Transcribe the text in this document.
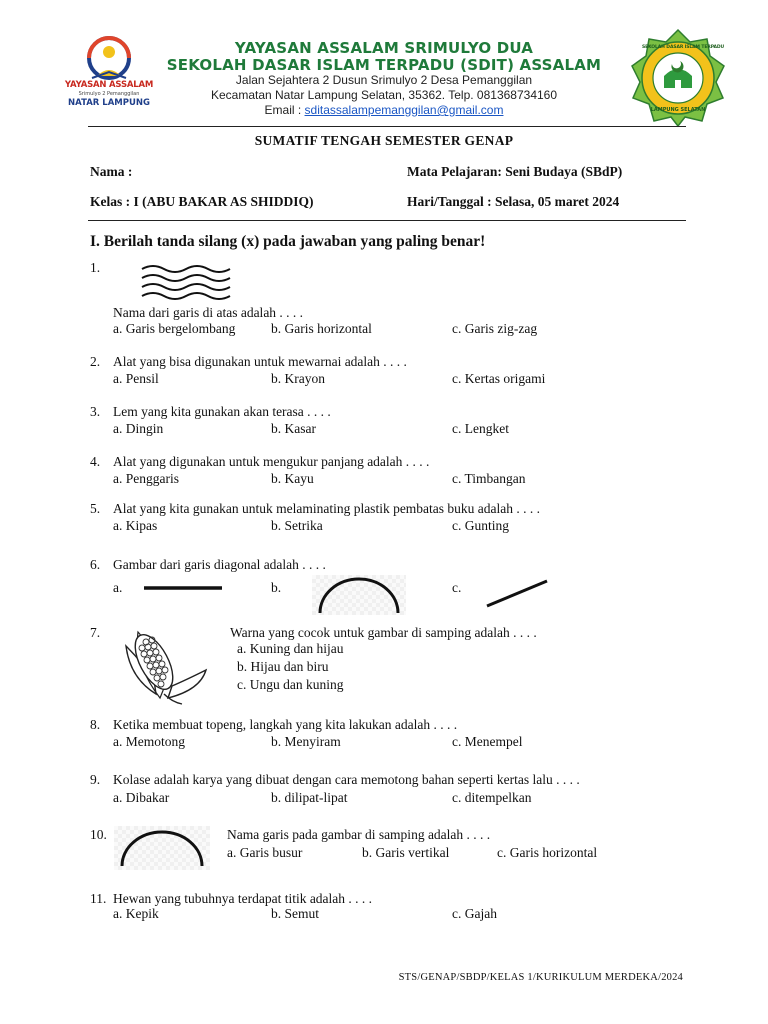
YAYASAN ASSALAM
Srimulyo 2 Pemanggilan
NATAR LAMPUNG
SEKOLAH DASAR ISLAM TERPADU
LAMPUNG SELATAN
YAYASAN ASSALAM SRIMULYO DUA
SEKOLAH DASAR ISLAM TERPADU (SDIT) ASSALAM
Jalan Sejahtera 2 Dusun Srimulyo 2 Desa Pemanggilan
Kecamatan Natar Lampung Selatan, 35362. Telp. 081368734160
Email : sditassalampemanggilan@gmail.com
SUMATIF TENGAH SEMESTER GENAP
Nama :
Kelas : I (ABU BAKAR AS SHIDDIQ)
Mata Pelajaran: Seni Budaya (SBdP)
Hari/Tanggal : Selasa, 05 maret 2024
I. Berilah tanda silang (x) pada jawaban yang paling benar!
1.
Nama dari garis di atas adalah . . . .
a. Garis bergelombang	b. Garis horizontal	c. Garis zig-zag
2. Alat yang bisa digunakan untuk mewarnai adalah . . . .
a. Pensil	b. Krayon	c. Kertas origami
3. Lem yang kita gunakan akan terasa . . . .
a. Dingin	b. Kasar	c. Lengket
4. Alat yang digunakan untuk mengukur panjang adalah . . . .
a. Penggaris	b. Kayu	c. Timbangan
5. Alat yang kita gunakan untuk melaminating plastik pembatas buku adalah . . . .
a. Kipas	b. Setrika	c. Gunting
6. Gambar dari garis diagonal adalah . . . .
a.	b.	c.
7.	Warna yang cocok untuk gambar di samping adalah . . . .
a. Kuning dan hijau
b. Hijau dan biru
c. Ungu dan kuning
8. Ketika membuat topeng, langkah yang kita lakukan adalah . . . .
a. Memotong	b. Menyiram	c. Menempel
9. Kolase adalah karya yang dibuat dengan cara memotong bahan seperti kertas lalu . . . .
a. Dibakar	b. dilipat-lipat	c. ditempelkan
10.	Nama garis pada gambar di samping adalah . . . .
a. Garis busur	b. Garis vertikal	c. Garis horizontal
11. Hewan yang tubuhnya terdapat titik adalah . . . .
a. Kepik	b. Semut	c. Gajah
STS/GENAP/SBDP/KELAS 1/KURIKULUM MERDEKA/2024
